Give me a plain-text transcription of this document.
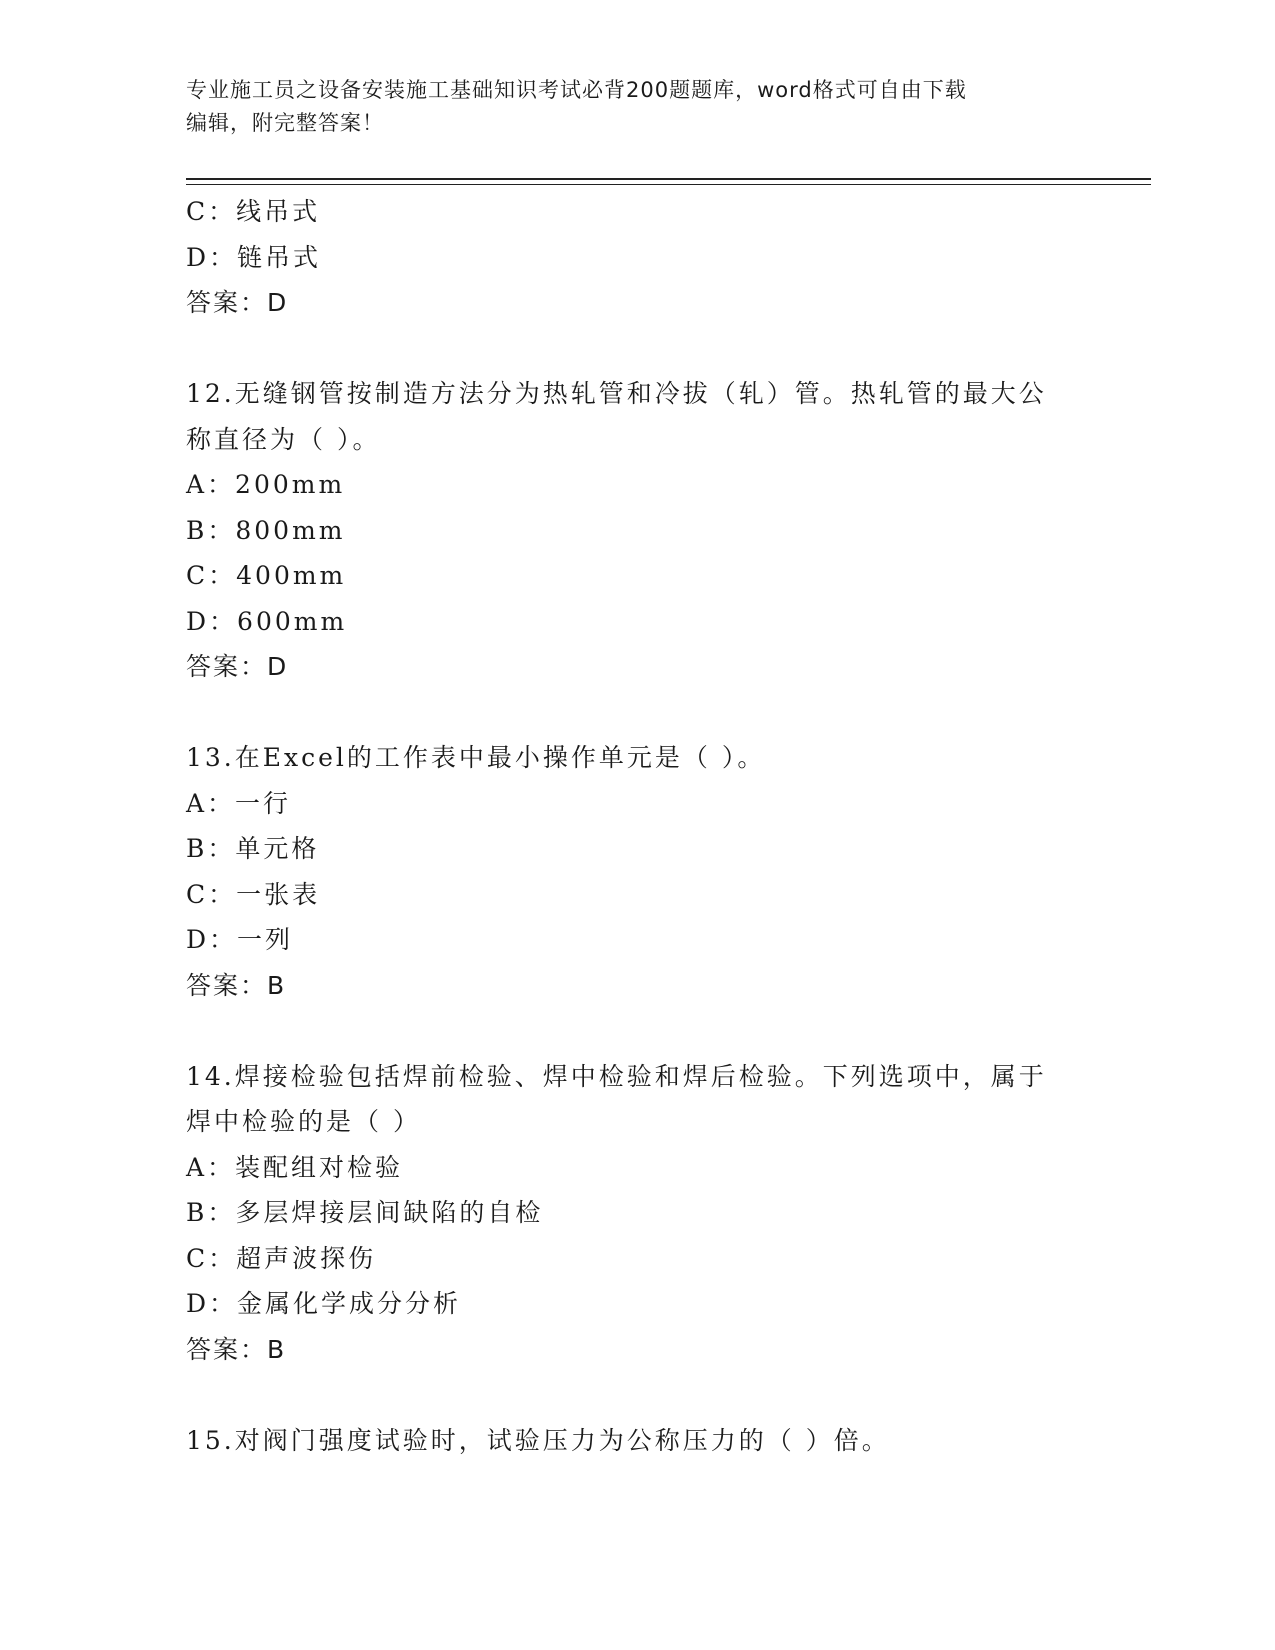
专业施工员之设备安装施工基础知识考试必背200题题库，word格式可自由下载
编辑，附完整答案！
C：线吊式
D：链吊式
答案：D
12.无缝钢管按制造方法分为热轧管和冷拔（轧）管。热轧管的最大公
称直径为（ ）。
A：200mm
B：800mm
C：400mm
D：600mm
答案：D
13.在Excel的工作表中最小操作单元是（ ）。
A：一行
B：单元格
C：一张表
D：一列
答案：B
14.焊接检验包括焊前检验、焊中检验和焊后检验。下列选项中，属于
焊中检验的是（ ）
A：装配组对检验
B：多层焊接层间缺陷的自检
C：超声波探伤
D：金属化学成分分析
答案：B
15.对阀门强度试验时，试验压力为公称压力的（ ）倍。
